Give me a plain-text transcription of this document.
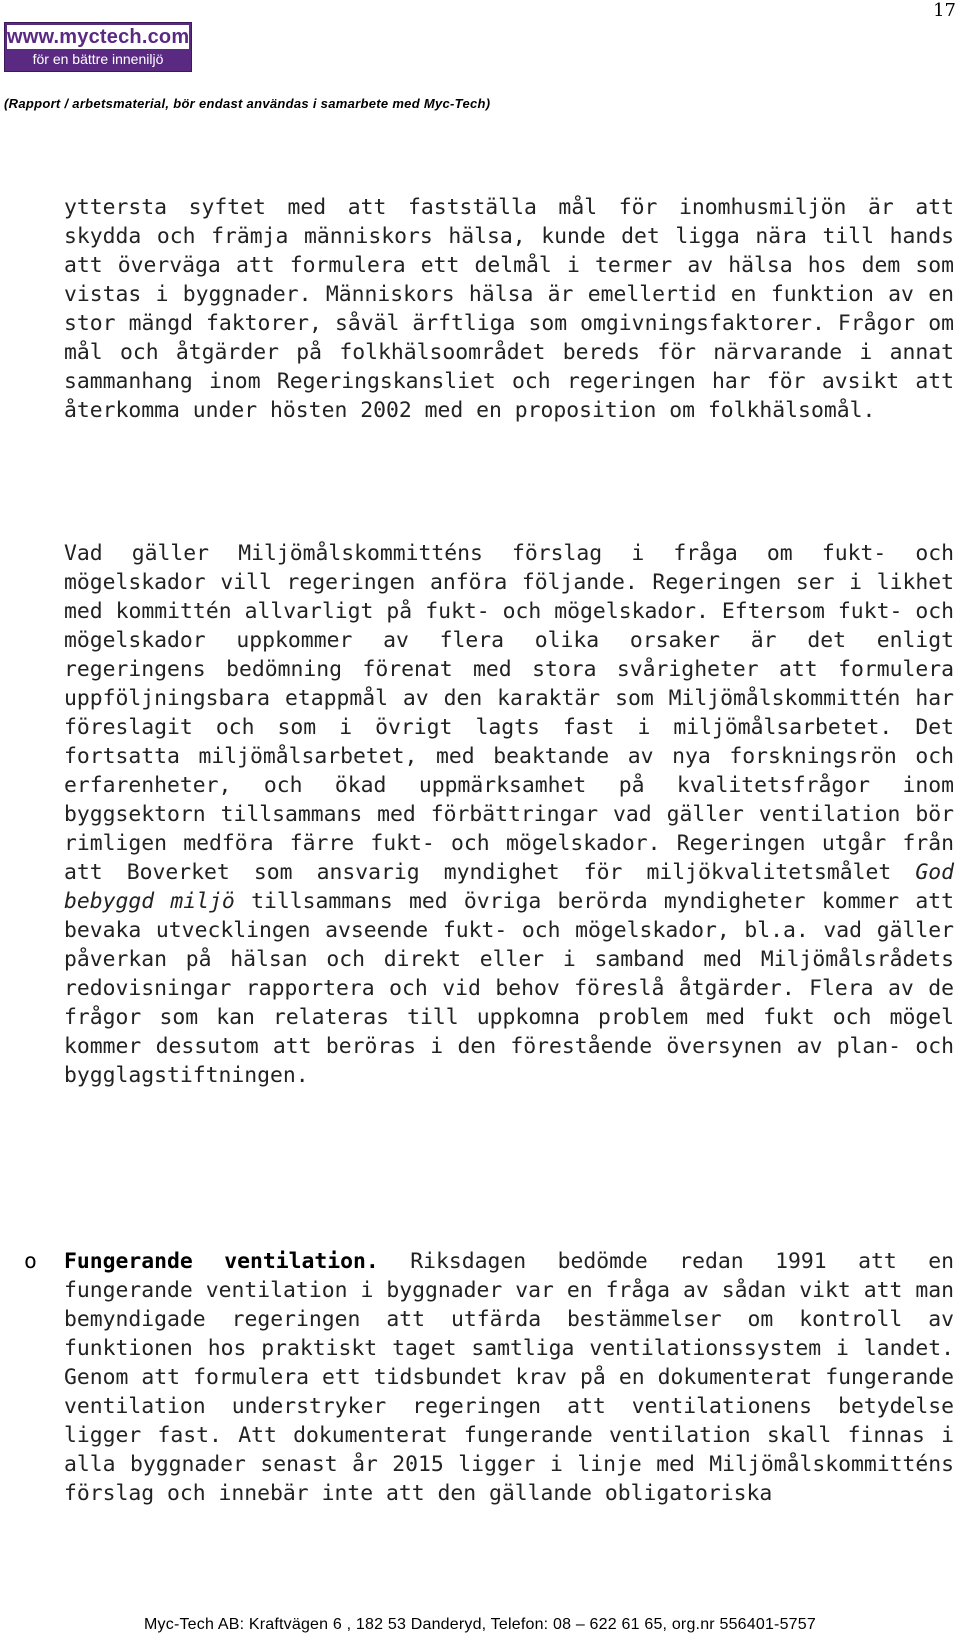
17
www.myctech.com
för en bättre inneniljö
(Rapport / arbetsmaterial, bör endast användas i samarbete med Myc-Tech)
yttersta syftet med att fastställa mål för inomhusmiljön är att skydda och främja människors hälsa, kunde det ligga nära till hands att överväga att formulera ett delmål i termer av hälsa hos dem som vistas i byggnader. Människors hälsa är emellertid en funktion av en stor mängd faktorer, såväl ärftliga som omgivningsfaktorer. Frågor om mål och åtgärder på folkhälsoområdet bereds för närvarande i annat sammanhang inom Regeringskansliet och regeringen har för avsikt att återkomma under hösten 2002 med en proposition om folkhälsomål.
Vad gäller Miljömålskommitténs förslag i fråga om fukt- och mögelskador vill regeringen anföra följande. Regeringen ser i likhet med kommittén allvarligt på fukt- och mögelskador. Eftersom fukt- och mögelskador uppkommer av flera olika orsaker är det enligt regeringens bedömning förenat med stora svårigheter att formulera uppföljningsbara etappmål av den karaktär som Miljömålskommittén har föreslagit och som i övrigt lagts fast i miljömålsarbetet. Det fortsatta miljömålsarbetet, med beaktande av nya forskningsrön och erfarenheter, och ökad uppmärksamhet på kvalitetsfrågor inom byggsektorn tillsammans med förbättringar vad gäller ventilation bör rimligen medföra färre fukt- och mögelskador. Regeringen utgår från att Boverket som ansvarig myndighet för miljökvalitetsmålet God bebyggd miljö tillsammans med övriga berörda myndigheter kommer att bevaka utvecklingen avseende fukt- och mögelskador, bl.a. vad gäller påverkan på hälsan och direkt eller i samband med Miljömålsrådets redovisningar rapportera och vid behov föreslå åtgärder. Flera av de frågor som kan relateras till uppkomna problem med fukt och mögel kommer dessutom att beröras i den förestående översynen av plan- och bygglagstiftningen.
o Fungerande ventilation. Riksdagen bedömde redan 1991 att en fungerande ventilation i byggnader var en fråga av sådan vikt att man bemyndigade regeringen att utfärda bestämmelser om kontroll av funktionen hos praktiskt taget samtliga ventilationssystem i landet. Genom att formulera ett tidsbundet krav på en dokumenterat fungerande ventilation understryker regeringen att ventilationens betydelse ligger fast. Att dokumenterat fungerande ventilation skall finnas i alla byggnader senast år 2015 ligger i linje med Miljömålskommitténs förslag och innebär inte att den gällande obligatoriska
Myc-Tech AB: Kraftvägen 6 , 182 53 Danderyd, Telefon: 08 – 622 61 65, org.nr 556401-5757
